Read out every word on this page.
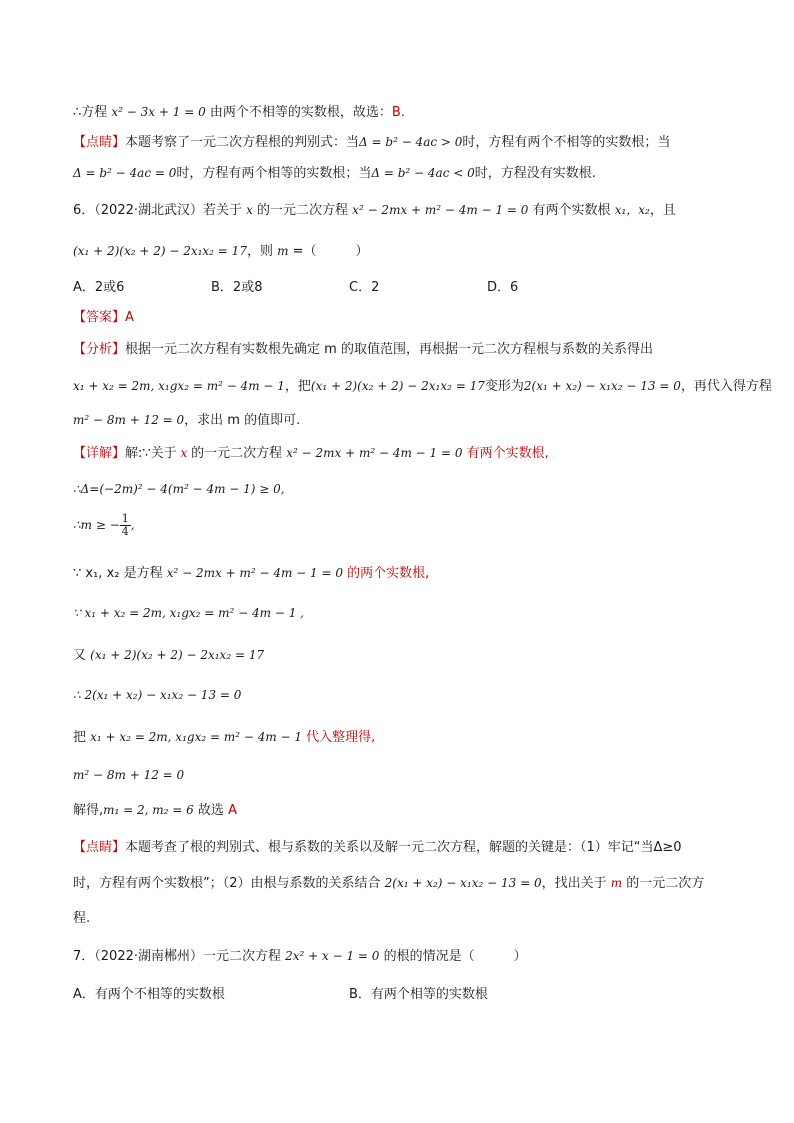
∴方程 x² − 3x + 1 = 0 由两个不相等的实数根，故选：B.
【点睛】本题考察了一元二次方程根的判别式：当Δ = b² − 4ac > 0时，方程有两个不相等的实数根；当
Δ = b² − 4ac = 0时，方程有两个相等的实数根；当Δ = b² − 4ac < 0时，方程没有实数根.
6．（2022·湖北武汉）若关于 x 的一元二次方程 x² − 2mx + m² − 4m − 1 = 0 有两个实数根 x₁，x₂，且
(x₁ + 2)(x₂ + 2) − 2x₁x₂ = 17，则 m =（　　　）
A．2或6	B．2或8	C．2	D．6
【答案】A
【分析】根据一元二次方程有实数根先确定 m 的取值范围，再根据一元二次方程根与系数的关系得出
x₁ + x₂ = 2m, x₁gx₂ = m² − 4m − 1，把(x₁ + 2)(x₂ + 2) − 2x₁x₂ = 17变形为2(x₁ + x₂) − x₁x₂ − 13 = 0，再代入得方程
m² − 8m + 12 = 0，求出 m 的值即可.
【详解】解:∵关于 x 的一元二次方程 x² − 2mx + m² − 4m − 1 = 0 有两个实数根,
∴Δ=(−2m)² − 4(m² − 4m − 1) ≥ 0,
∴m ≥ − $\frac{1}{4}$ ,
∵ x₁, x₂ 是方程 x² − 2mx + m² − 4m − 1 = 0 的两个实数根,
∵ x₁ + x₂ = 2m, x₁gx₂ = m² − 4m − 1 ,
又 (x₁ + 2)(x₂ + 2) − 2x₁x₂ = 17
∴ 2(x₁ + x₂) − x₁x₂ − 13 = 0
把 x₁ + x₂ = 2m, x₁gx₂ = m² − 4m − 1 代入整理得,
m² − 8m + 12 = 0
解得,m₁ = 2, m₂ = 6 故选 A
【点睛】本题考查了根的判别式、根与系数的关系以及解一元二次方程，解题的关键是：（1）牢记“当Δ≥0
时，方程有两个实数根”；（2）由根与系数的关系结合 2(x₁ + x₂) − x₁x₂ − 13 = 0，找出关于 m 的一元二次方
程.
7．（2022·湖南郴州）一元二次方程 2x² + x − 1 = 0 的根的情况是（　　　）
A．有两个不相等的实数根	B．有两个相等的实数根
